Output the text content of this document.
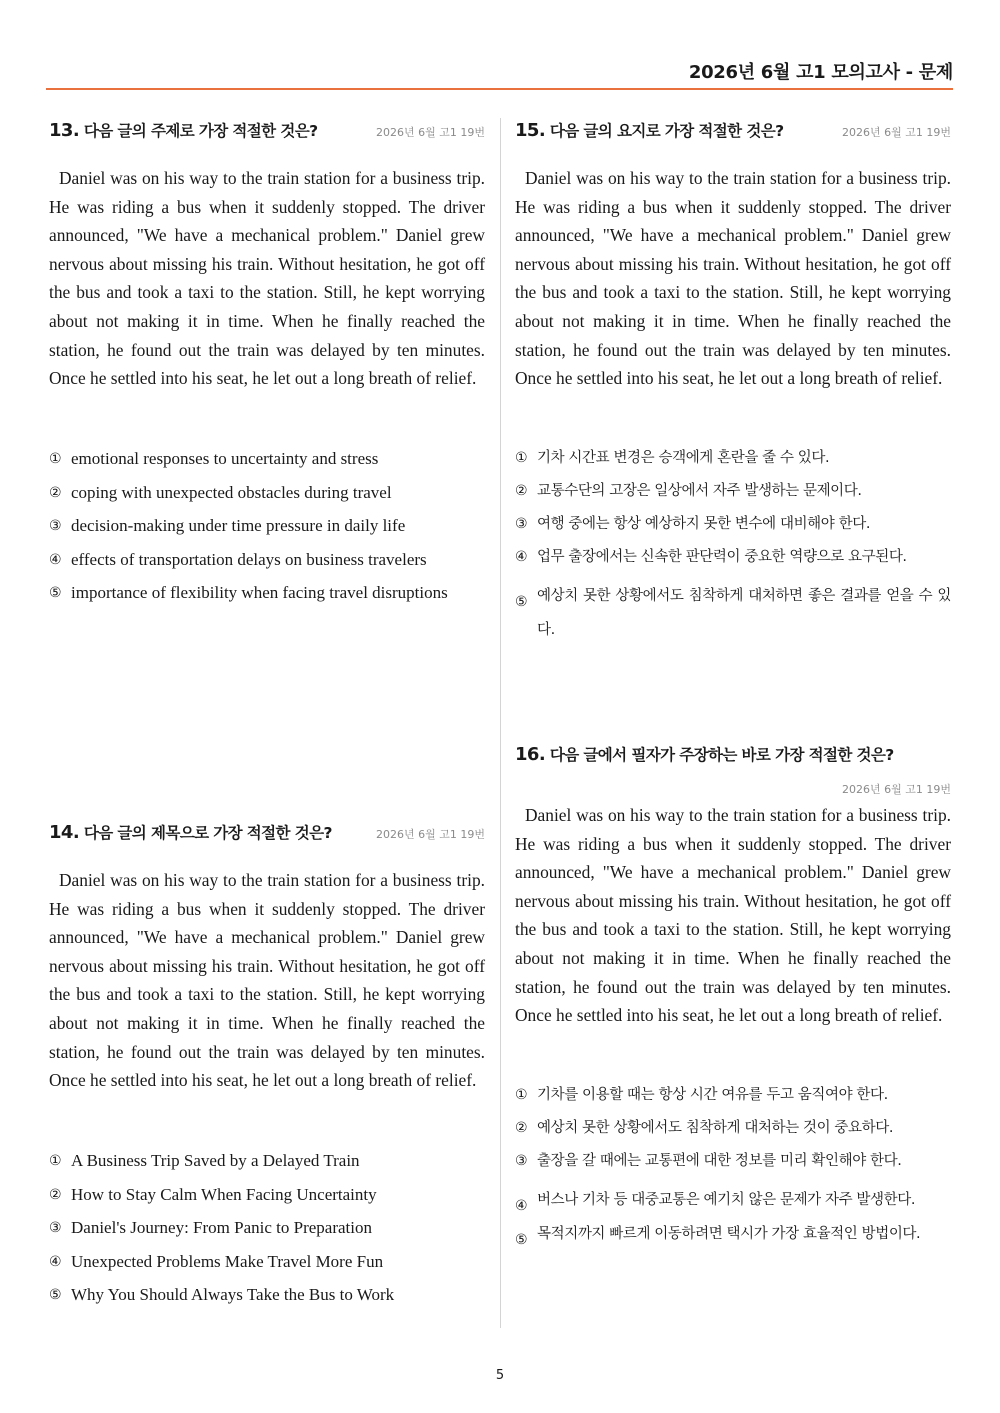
2026년 6월 고1 모의고사 - 문제
13. 다음 글의 주제로 가장 적절한 것은?	2026년 6월 고1 19번

Daniel was on his way to the train station for a business trip. He was riding a bus when it suddenly stopped. The driver announced, "We have a mechanical problem." Daniel grew nervous about missing his train. Without hesitation, he got off the bus and took a taxi to the station. Still, he kept worrying about not making it in time. When he finally reached the station, he found out the train was delayed by ten minutes. Once he settled into his seat, he let out a long breath of relief.

① emotional responses to uncertainty and stress
② coping with unexpected obstacles during travel
③ decision-making under time pressure in daily life
④ effects of transportation delays on business travelers
⑤ importance of flexibility when facing travel disruptions
14. 다음 글의 제목으로 가장 적절한 것은?	2026년 6월 고1 19번

Daniel was on his way to the train station for a business trip. He was riding a bus when it suddenly stopped. The driver announced, "We have a mechanical problem." Daniel grew nervous about missing his train. Without hesitation, he got off the bus and took a taxi to the station. Still, he kept worrying about not making it in time. When he finally reached the station, he found out the train was delayed by ten minutes. Once he settled into his seat, he let out a long breath of relief.

① A Business Trip Saved by a Delayed Train
② How to Stay Calm When Facing Uncertainty
③ Daniel's Journey: From Panic to Preparation
④ Unexpected Problems Make Travel More Fun
⑤ Why You Should Always Take the Bus to Work
15. 다음 글의 요지로 가장 적절한 것은?	2026년 6월 고1 19번

Daniel was on his way to the train station for a business trip. He was riding a bus when it suddenly stopped. The driver announced, "We have a mechanical problem." Daniel grew nervous about missing his train. Without hesitation, he got off the bus and took a taxi to the station. Still, he kept worrying about not making it in time. When he finally reached the station, he found out the train was delayed by ten minutes. Once he settled into his seat, he let out a long breath of relief.

① 기차 시간표 변경은 승객에게 혼란을 줄 수 있다.
② 교통수단의 고장은 일상에서 자주 발생하는 문제이다.
③ 여행 중에는 항상 예상하지 못한 변수에 대비해야 한다.
④ 업무 출장에서는 신속한 판단력이 중요한 역량으로 요구된다.
⑤ 예상치 못한 상황에서도 침착하게 대처하면 좋은 결과를 얻을 수 있다.
16. 다음 글에서 필자가 주장하는 바로 가장 적절한 것은?
2026년 6월 고1 19번

Daniel was on his way to the train station for a business trip. He was riding a bus when it suddenly stopped. The driver announced, "We have a mechanical problem." Daniel grew nervous about missing his train. Without hesitation, he got off the bus and took a taxi to the station. Still, he kept worrying about not making it in time. When he finally reached the station, he found out the train was delayed by ten minutes. Once he settled into his seat, he let out a long breath of relief.

① 기차를 이용할 때는 항상 시간 여유를 두고 움직여야 한다.
② 예상치 못한 상황에서도 침착하게 대처하는 것이 중요하다.
③ 출장을 갈 때에는 교통편에 대한 정보를 미리 확인해야 한다.
④ 버스나 기차 등 대중교통은 예기치 않은 문제가 자주 발생한다.
⑤ 목적지까지 빠르게 이동하려면 택시가 가장 효율적인 방법이다.
5
